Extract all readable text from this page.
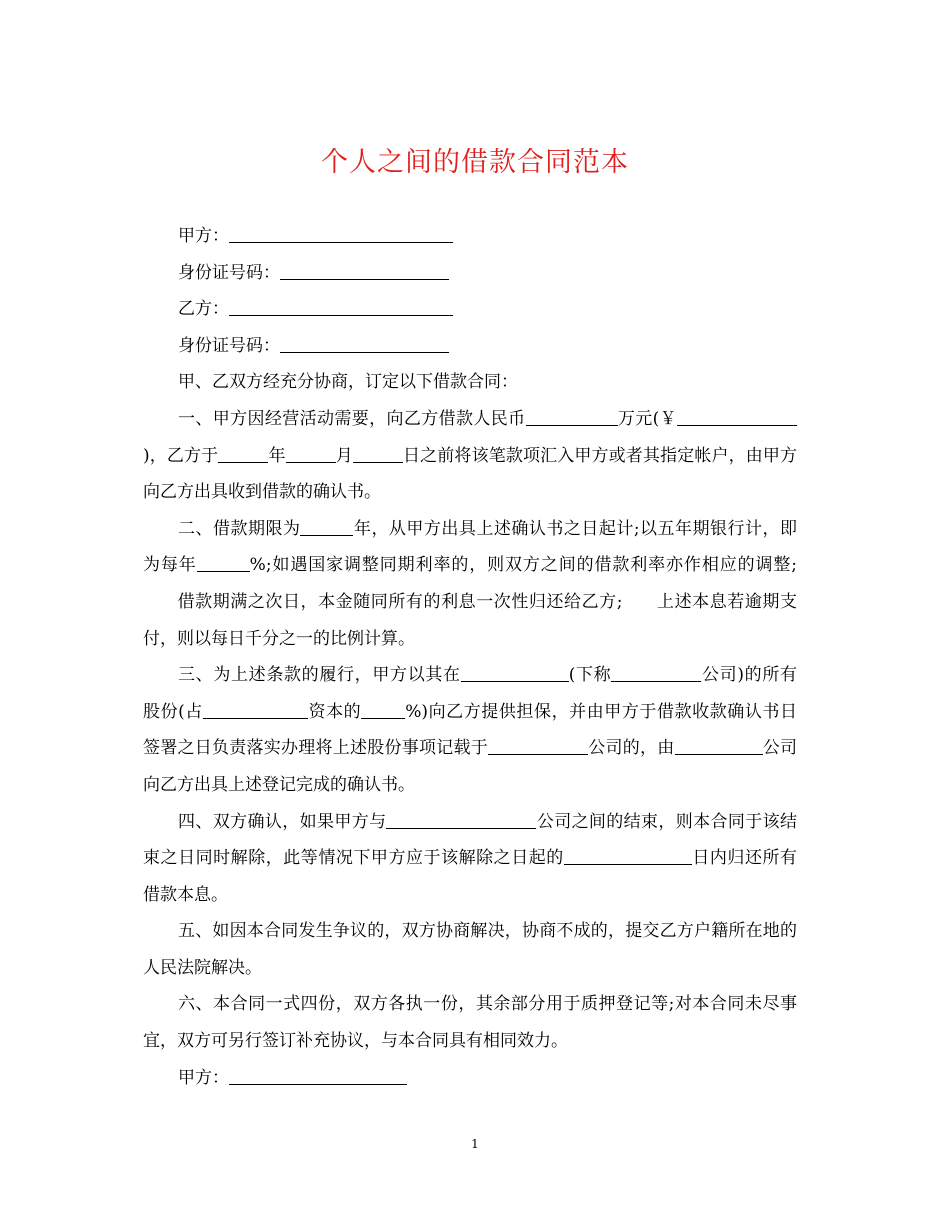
个人之间的借款合同范本

甲方：

身份证号码：

乙方：

身份证号码：

甲、乙双方经充分协商，订定以下借款合同：

一、甲方因经营活动需要，向乙方借款人民币	万元(￥)，乙方于	年	月	日之前将该笔款项汇入甲方或者其指定帐户，由甲方向乙方出具收到借款的确认书。

二、借款期限为	年，从甲方出具上述确认书之日起计;以五年期银行计，即为每年	%;如遇国家调整同期利率的，则双方之间的借款利率亦作相应的调整;借款期满之次日，本金随同所有的利息一次性归还给乙方; 上述本息若逾期支付，则以每日千分之一的比例计算。

三、为上述条款的履行，甲方以其在	(下称	公司)的所有股份(占	资本的	%)向乙方提供担保，并由甲方于借款收款确认书日签署之日负责落实办理将上述股份事项记载于	公司的，由	公司向乙方出具上述登记完成的确认书。

四、双方确认，如果甲方与	公司之间的结束，则本合同于该结束之日同时解除，此等情况下甲方应于该解除之日起的	日内归还所有借款本息。

五、如因本合同发生争议的，双方协商解决，协商不成的，提交乙方户籍所在地的人民法院解决。

六、本合同一式四份，双方各执一份，其余部分用于质押登记等;对本合同未尽事宜，双方可另行签订补充协议，与本合同具有相同效力。

甲方：

1
